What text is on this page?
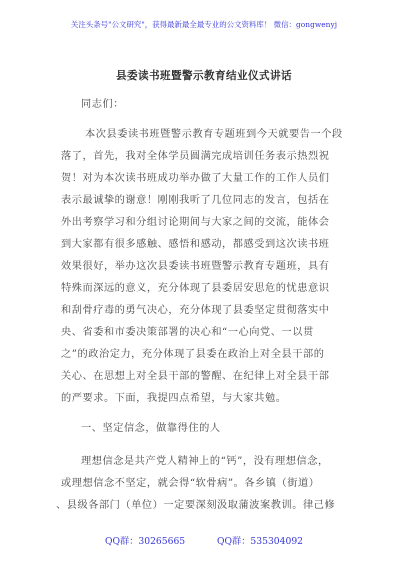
关注头条号"公文研究"，获得最新最全最专业的公文资料库！ 微信：gongwenyj
县委读书班暨警示教育结业仪式讲话
同志们：
本次县委读书班暨警示教育专题班到今天就要告一个段
落了，首先，我对全体学员圆满完成培训任务表示热烈祝
贺！对为本次读书班成功举办做了大量工作的工作人员们
表示最诚挚的谢意！刚刚我听了几位同志的发言，包括在
外出考察学习和分组讨论期间与大家之间的交流，能体会
到大家都有很多感触、感悟和感动，都感受到这次读书班
效果很好，举办这次县委读书班暨警示教育专题班，具有
特殊而深远的意义，充分体现了县委居安思危的忧患意识
和刮骨疗毒的勇气决心，充分体现了县委坚定贯彻落实中
央、省委和市委决策部署的决心和“一心向党、一以贯
之”的政治定力，充分体现了县委在政治上对全县干部的
关心、在思想上对全县干部的警醒、在纪律上对全县干部
的严要求。下面，我提四点希望，与大家共勉。
一、坚定信念，做靠得住的人
理想信念是共产党人精神上的“钙”，没有理想信念，
或理想信念不坚定，就会得“软骨病”。各乡镇（街道）
、县级各部门（单位）一定要深刻汲取蒲波案教训。律己修
QQ群：30265665	QQ群：535304092
